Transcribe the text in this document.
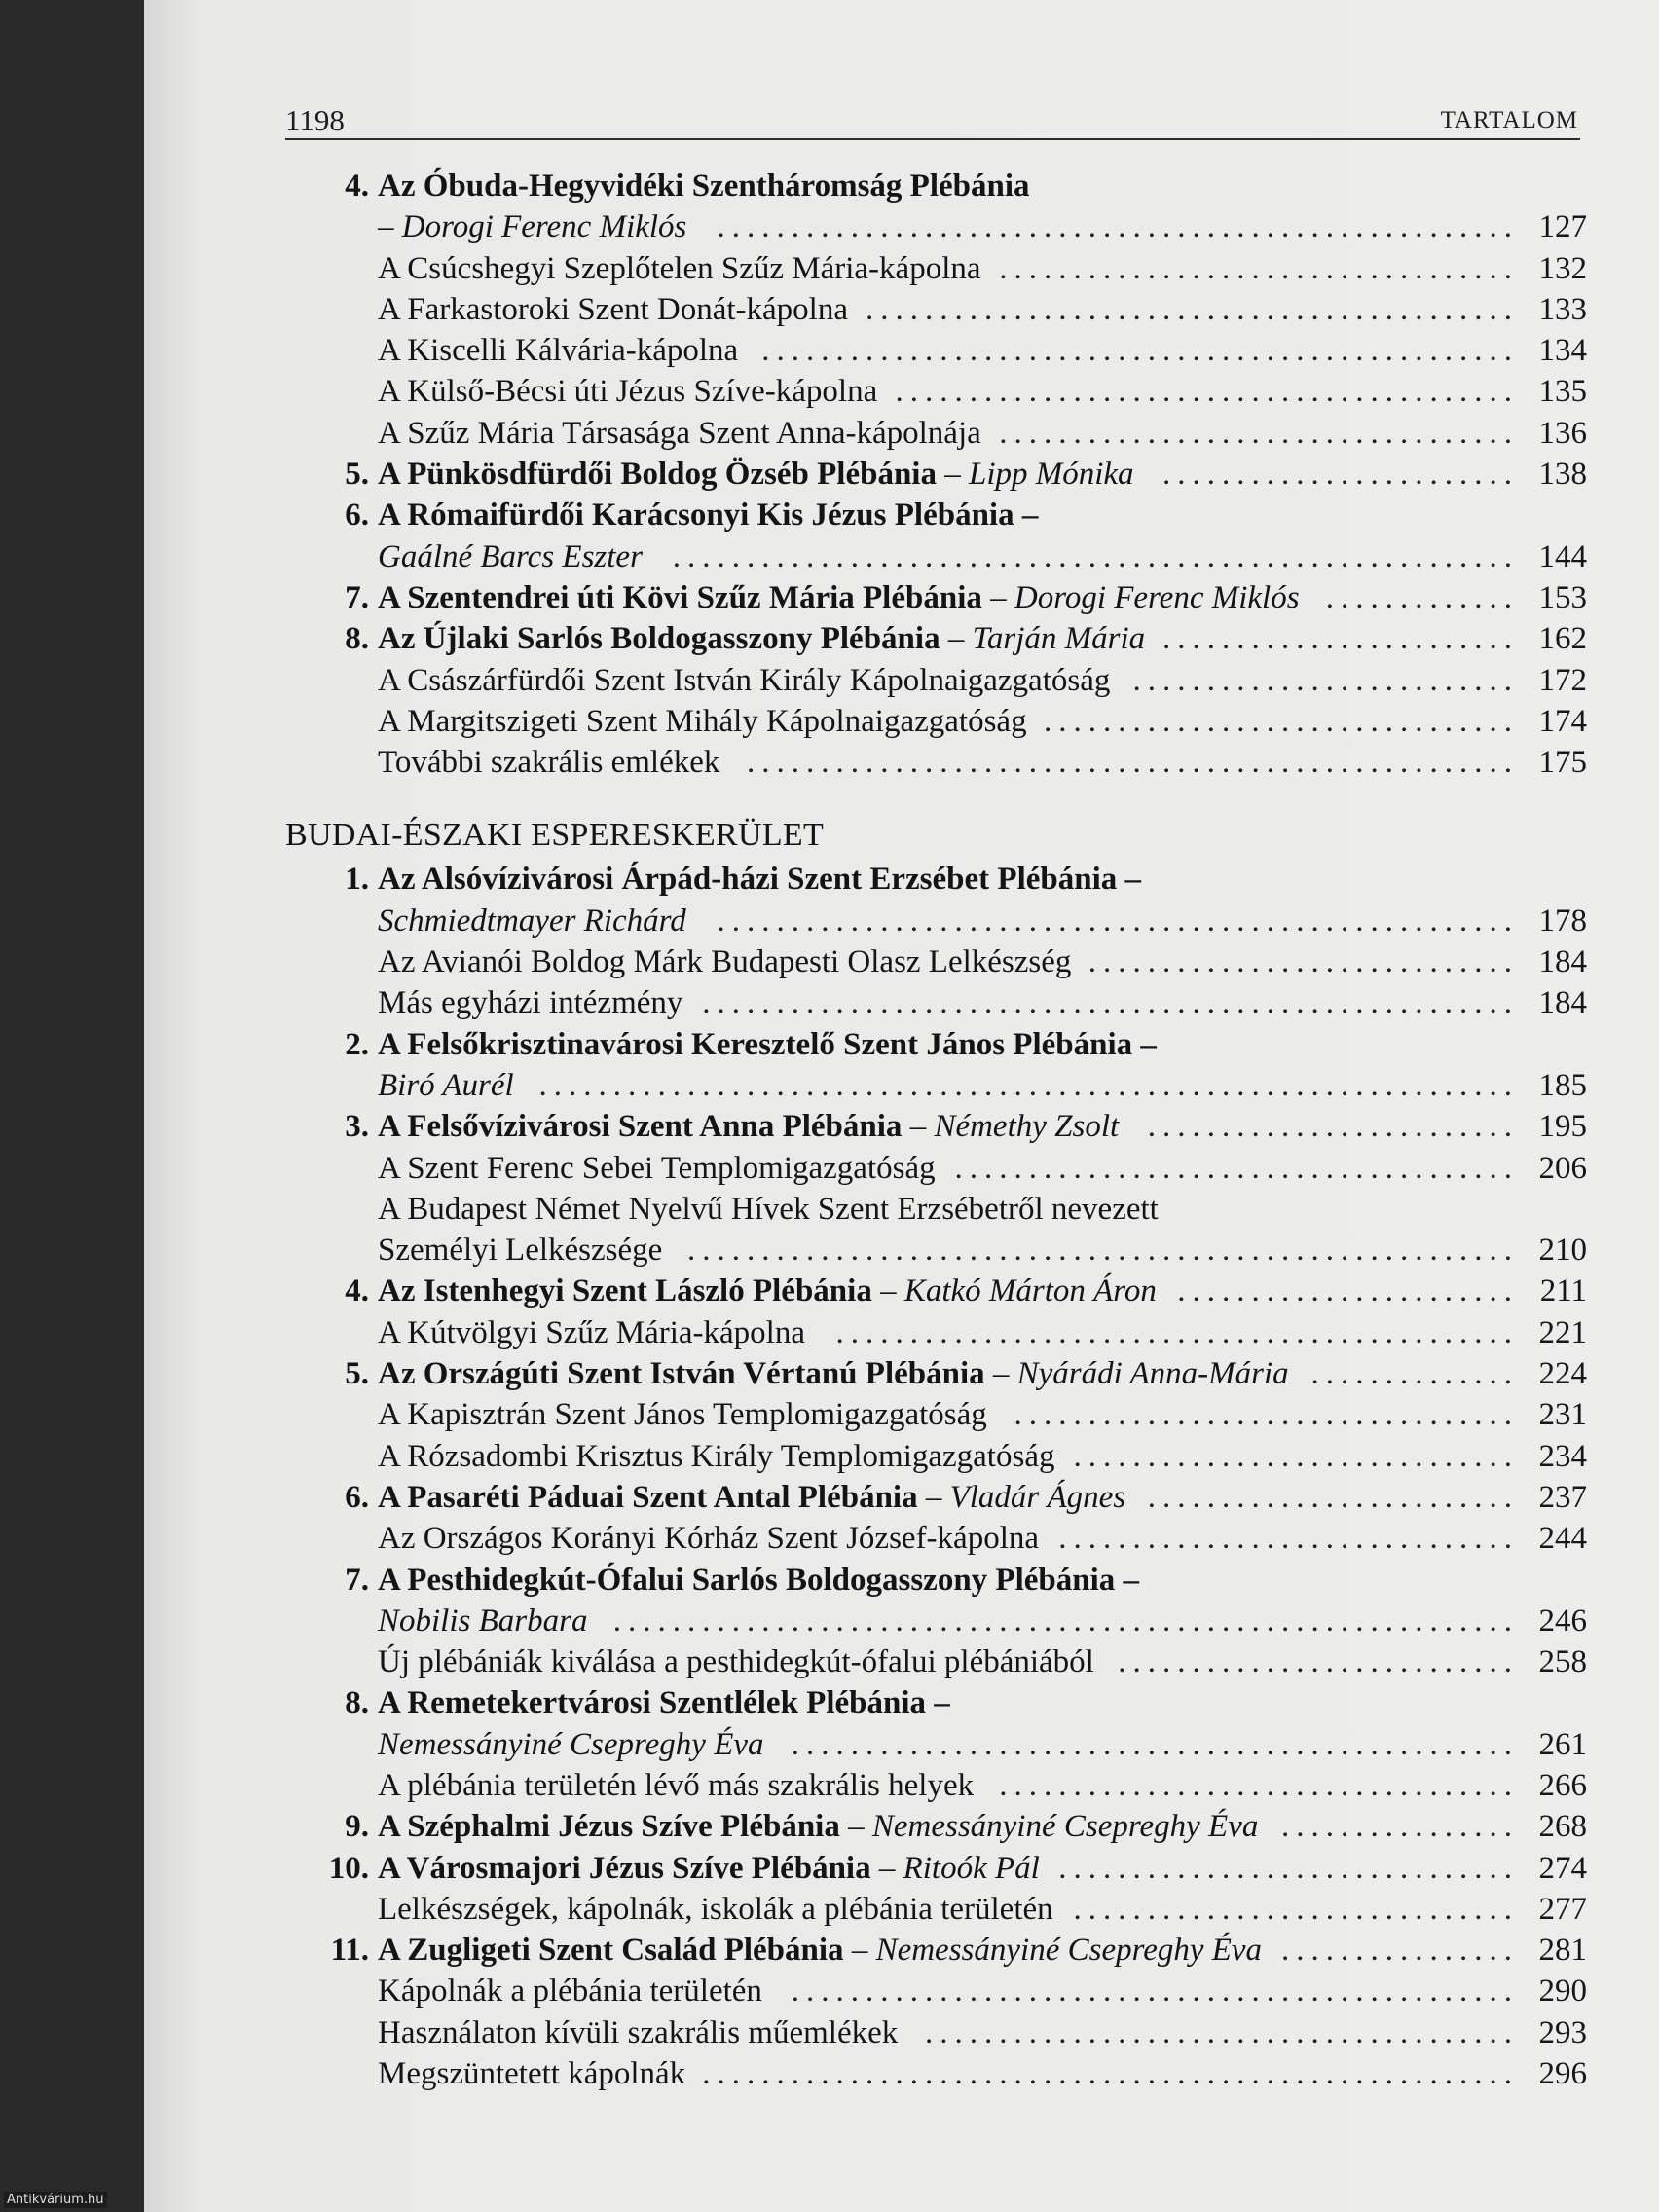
1198	TARTALOM
4. Az Óbuda-Hegyvidéki Szentháromság Plébánia
– Dorogi Ferenc Miklós ...................................................... 127
A Csúcshegyi Szeplőtelen Szűz Mária-kápolna ................................... 132
A Farkastoroki Szent Donát-kápolna ............................................ 133
A Kiscelli Kálvária-kápolna ................................................... 134
A Külső-Bécsi úti Jézus Szíve-kápolna .......................................... 135
A Szűz Mária Társasága Szent Anna-kápolnája ................................... 136
5. A Pünkösdfürdői Boldog Özséb Plébánia – Lipp Mónika ........................ 138
6. A Rómaifürdői Karácsonyi Kis Jézus Plébánia –
Gaálné Barcs Eszter ......................................................... 144
7. A Szentendrei úti Kövi Szűz Mária Plébánia – Dorogi Ferenc Miklós ............. 153
8. Az Újlaki Sarlós Boldogasszony Plébánia – Tarján Mária ........................ 162
A Császárfürdői Szent István Király Kápolnaigazgatóság .......................... 172
A Margitszigeti Szent Mihály Kápolnaigazgatóság ................................ 174
További szakrális emlékek .................................................... 175
BUDAI-ÉSZAKI ESPERESKERÜLET
1. Az Alsóvízivárosi Árpád-házi Szent Erzsébet Plébánia –
Schmiedtmayer Richárd ...................................................... 178
Az Avianói Boldog Márk Budapesti Olasz Lelkészség ............................. 184
Más egyházi intézmény ....................................................... 184
2. A Felsőkrisztinavárosi Keresztelő Szent János Plébánia –
Biró Aurél .................................................................. 185
3. A Felsővízivárosi Szent Anna Plébánia – Némethy Zsolt ......................... 195
A Szent Ferenc Sebei Templomigazgatóság ...................................... 206
A Budapest Német Nyelvű Hívek Szent Erzsébetről nevezett
Személyi Lelkészsége ........................................................ 210
4. Az Istenhegyi Szent László Plébánia – Katkó Márton Áron ....................... 211
A Kútvölgyi Szűz Mária-kápolna .............................................. 221
5. Az Országúti Szent István Vértanú Plébánia – Nyárádi Anna-Mária .............. 224
A Kapisztrán Szent János Templomigazgatóság .................................. 231
A Rózsadombi Krisztus Király Templomigazgatóság .............................. 234
6. A Pasaréti Páduai Szent Antal Plébánia – Vladár Ágnes ......................... 237
Az Országos Korányi Kórház Szent József-kápolna ............................... 244
7. A Pesthidegkút-Ófalui Sarlós Boldogasszony Plébánia –
Nobilis Barbara ............................................................. 246
Új plébániák kiválása a pesthidegkút-ófalui plébániából ........................... 258
8. A Remetekertvárosi Szentlélek Plébánia –
Nemessányiné Csepreghy Éva ................................................. 261
A plébánia területén lévő más szakrális helyek ................................... 266
9. A Széphalmi Jézus Szíve Plébánia – Nemessányiné Csepreghy Éva ................ 268
10. A Városmajori Jézus Szíve Plébánia – Ritoók Pál ............................... 274
Lelkészségek, kápolnák, iskolák a plébánia területén .............................. 277
11. A Zugligeti Szent Család Plébánia – Nemessányiné Csepreghy Éva ................ 281
Kápolnák a plébánia területén ................................................. 290
Használaton kívüli szakrális műemlékek ........................................ 293
Megszüntetett kápolnák ....................................................... 296
Antikvárium.hu
